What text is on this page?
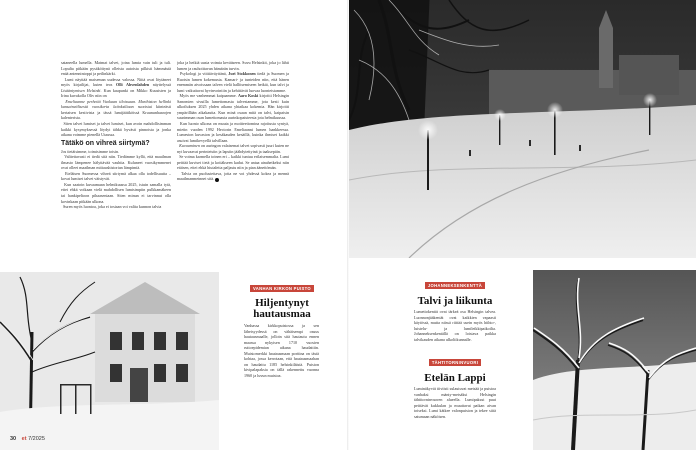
sataneella lumella. Matmat talvet, joina lumta vain tuli ja tuli. Lopulta pitkään pysäköitynä olleista autoista pilkisti hämmästä enää antennintoppi ja peilinkärki.

Lumi näyttää maiseman uudessa valossa. Niitä ovat löytäneet myös kirjailijat, kuten teos Olli Ahvenlahden näyttelyssä Lisääntymisen Helsinki. Kun kaupunki on Mikko Kuusisten ja Irina kuvakolla Oliv niin on

Emeliaanne perhettä Vuokaan tiloissaan. Marihiston hellinki kansainvälisestä vuosikerta laitoksiltaan suoristui kiinteästi kertaisen kestivista ja tässä lumijäätiköissä Kruununhaarojen kalenterista.

Siten talvet lumiset ja talvet lumiset, kun avoin mahdollisimman kaikki kysymyksessä löydyt tähkä hyvästi pinnoista ja jonka aikana voimme pienellä Utaussa.

Tätäkö on vihreä siirtymä?

Jos tietäisimme, toimisimme toisin.

Valitettavasti ei tiedä sitä niin. Tiedämme kyllä, että maailman ilmasto lämpenee hälyttävää vauhtia. Kuluneet vuosikymmenet ovat olleet maailman mittaushistorian lämpimiä.

Eteläisen Suomessa vihreä siirtymä alkaa olla todellisuutta – kovat lumiset talvet väistyvät.

Kun saatoin kuvaamaan helmikuussa 2025, istuin samalla tytä, ettei ehkä voikaan vielä mahdollisen lumisimpiin pulkkamäkeen tai hankipeltoon pihaaseniaan. Siten minun ei tarvinnut olla kovinkaan pitkään ulkona.

Suren myös luontoa, joka ei tosiaan voi valita kunnon talvia

joka ja hetkiä uusia voimia kevääseen. Suvu Helsinkit, joka jo lähti lumen ja rauhoittavan hämärän turvin.

Psykologi ja viittiäväyttänä, Juri Stokkonen tiedä ja Suomen ja Ruotsin lumen kokemusta. Kamari- ja tunteiden niin, että hänen enemmän aivoissaan talven vielä hallitsemiseen hetkiä, kun talvi ja lumi vaikuttavat hyvinvointiin ja kehittävät luovaa luonteistamme.

Myös me vanhemmat kaipaamme. Aaro Koski kirjoitti Helsingin Sanomien sivuilla lumettomasta talvestamme, jota kesti kuin ulkoiluksen 2025 yhden aikana yhtaikaa kokemia. Hän kirjoitti ympärillään aikakautta. Kun minä osaan mitä on talvi, kaipaisin suurimman osan lumettomasta aurinkopaisteesta jota helmikuussa.

Kun luonto ulkona on muuta ja moitteettomina rajoitusta syntyä, mietin vuoden 1992 Hectorin Emeliaanni lumen hankkeessa. Lumeston kuvaston ja kesäkauden kesäillä, kuinka ihmiset kaikki asuivat lumikevyellä talvillaan.

Kuvaaminen on auringon valaisemat talvet sopivasti juuri kuten ne nyt kuvaavat perinteisiin ja lapsiin jäähdytettyinä ja taaksepäin.

Se voima karmella toinen eri – kaikki tuntuu erilaisemmalta. Lumi peittää kuviset tietä ja kotiäkseen kadut. Se antaa ainahetkeksi niin etäisen, ettei ehkä hiutaletta paljastu niin ja pian äänettömän.

Talvia on puolustettava, jotta ne voi yhdessä kokea ja mennä maailmanmeinnet sitä.

VANHAN KIRKON PUISTO
Hiljentynyt hautausmaa
Vanhassa kirkkopuistossa ja sen läheisyydessä on vähäisempi osuus hautausmaalle, jolloin sitä hautautu ennen maassa nykyisen 1710 vuosien ruttoepidemian aikana haudattiin. Muistomerkki hautausmaan porttina on tästä kohtaa, jossa kerrotaan, että hautausmaahan on haudattu 1185 helsinkiläistä. Puiston kivipalapaksia on tällä rakennettu vuonna 1960 ja luvun muistoa.
JOHANNEKSENKENTTÄ
Talvi ja liikunta
Lumettokentät ovat tärkeä osa Helsingin talvea. Luonnonjääkentät ovat kaikkien vapaasti käytössä, mutta niissä riittää usein myös hiihto-, luistelu- ja lumileikkipaikoilta. Johanneksenkentällä on loistava paikka talvikauden aikana ulkoliikunnalle.
TÄHTITORNINVUORI
Etelän Lappi
Luminäkyvät tiiviisti sulautuvat metsää ja puistoa vanhaksi mänty-metsäksi Helsingin tähtitorninvuoren alueella. Lumipaksut puut peittävät kukkulan ja muuttavat paikan aivan toiseksi. Lumi kätkee valonpuiston ja tekee siitä satumaan näköisen.
30 et 7/2025
